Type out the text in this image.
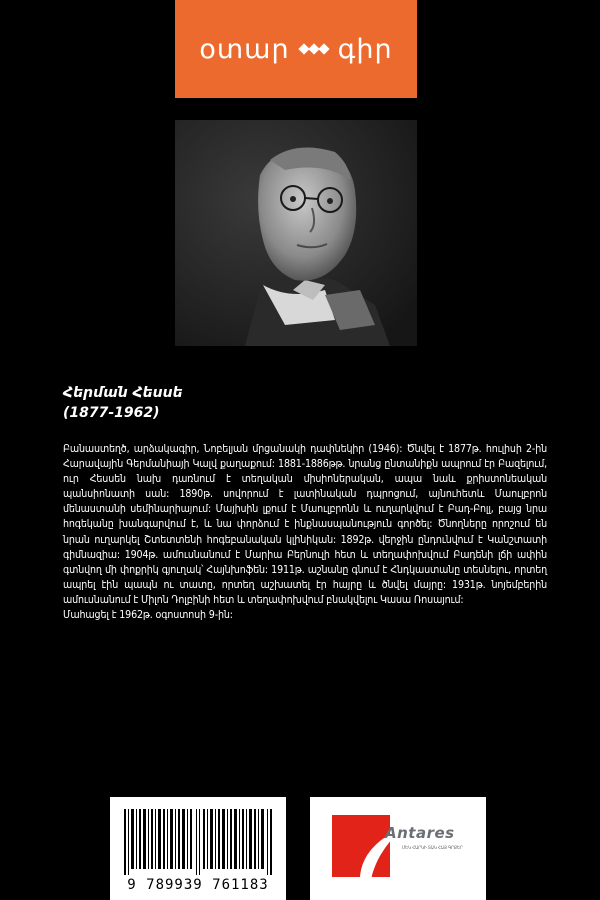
օտար գիր
Հերման Հեսսե
(1877-1962)

Բանաստեղծ, արձակագիր, Նոբելյան մրցանակի դափնեկիր (1946): Ծնվել է 1877թ. հուլիսի 2-ին Հարավային Գերմանիայի Կալվ քաղաքում: 1881-1886թթ. նրանց ընտանիքն ապրում էր Բազելում, ուր Հեսսեն նախ դառնում է տեղական միսիոներական, ապա նաև քրիստոնեական պանսիոնատի սան: 1890թ. սովորում է լատինական դպրոցում, այնուհետև Մաուլբրոն մենաստանի սեմինարիայում: Մայիսին լքում է Մաուլբրոնն և ուղարկվում է Բադ-Բոլլ, բայց նրա հոգեկանը խանգարվում է, և նա փորձում է ինքնասպանություն գործել: Ծնողները որոշում են նրան ուղարկել Շտետտենի հոգեբանական կլինիկան: 1892թ. վերջին ընդունվում է Կանշտատի գիմնազիա: 1904թ. ամուսնանում է Մարիա Բերնուլի հետ և տեղափոխվում Բադենի լճի ափին գտնվող մի փոքրիկ գյուղակ՝ Հայնխոֆեն: 1911թ. աշնանը գնում է Հնդկաստանը տեսնելու, որտեղ ապրել էին պապն ու տատը, որտեղ աշխատել էր հայրը և ծնվել մայրը: 1931թ. նոյեմբերին ամուսնանում է Միլոն Դոլբինի հետ և տեղափոխվում բնակվելու Կասա Ռոսայում:

Մահացել է 1962թ. օգոստոսի 9-ին:

9 789939 761183
Antares
ՄԵԿ ՀԱՐԿԻ ՏԱԿ ՀԱՅ ԳՐՔԵՐ
